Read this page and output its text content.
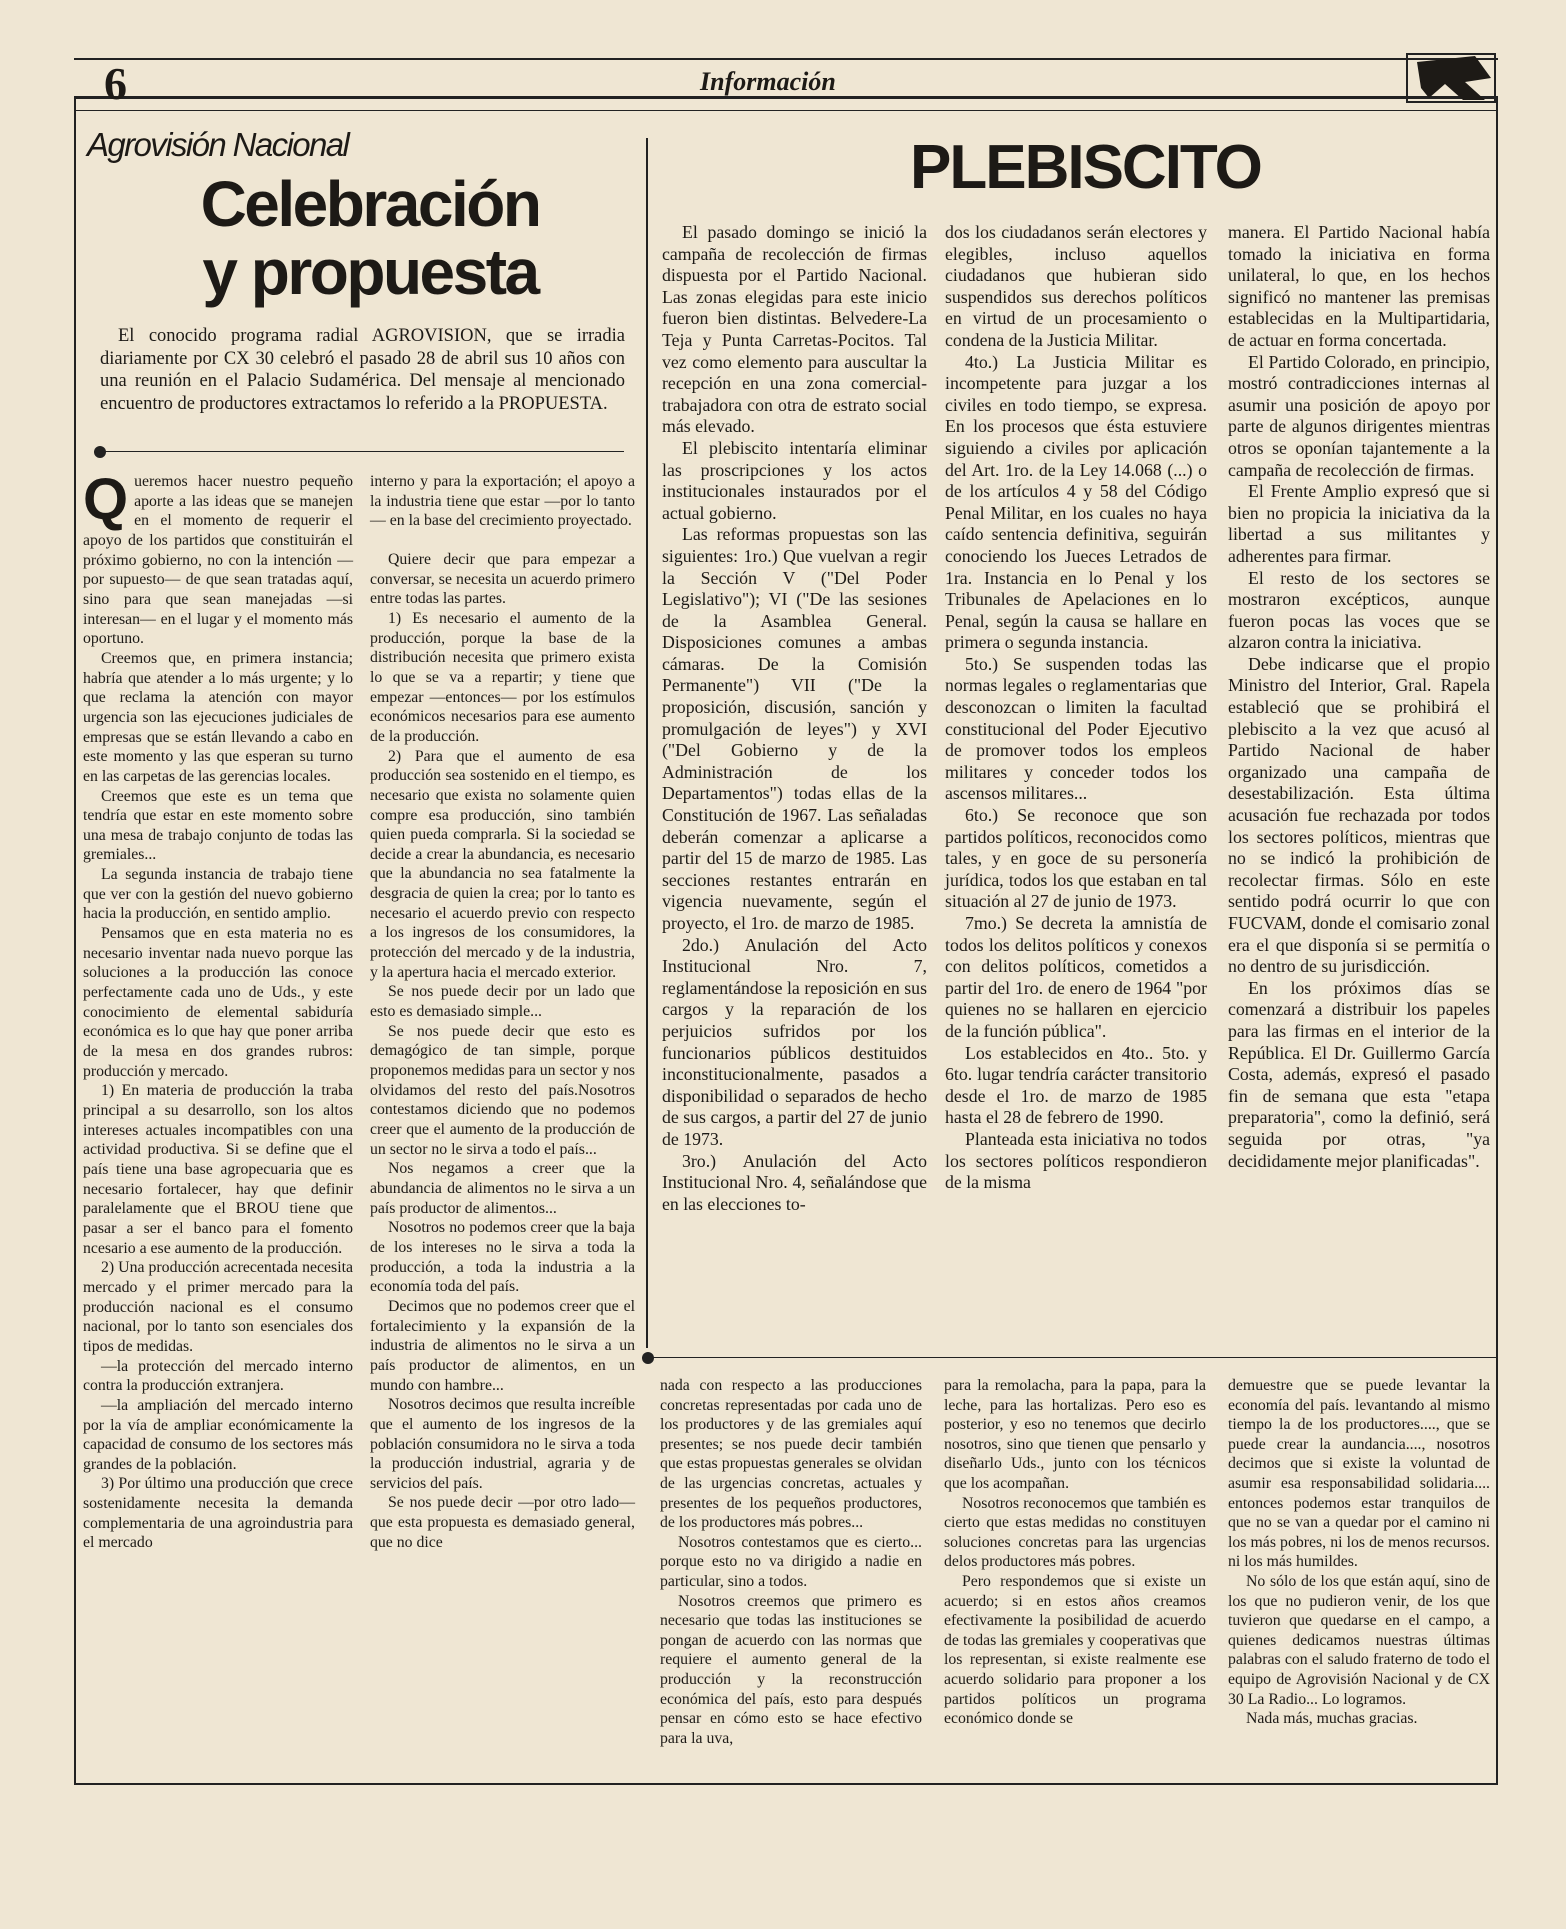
6	Información
Agrovisión Nacional
Celebración
y propuesta
El conocido programa radial AGROVISION, que se irradia diariamente por CX 30 celebró el pasado 28 de abril sus 10 años con una reunión en el Palacio Sudamérica. Del mensaje al mencionado encuentro de productores extractamos lo referido a la PROPUESTA.

Queremos hacer nuestro pequeño aporte a las ideas que se manejen en el momento de requerir el apoyo de los partidos que constituirán el próximo gobierno, no con la intención —por supuesto— de que sean tratadas aquí, sino para que sean manejadas —si interesan— en el lugar y el momento más oportuno.

Creemos que, en primera instancia; habría que atender a lo más urgente; y lo que reclama la atención con mayor urgencia son las ejecuciones judiciales de empresas que se están llevando a cabo en este momento y las que esperan su turno en las carpetas de las gerencias locales.

Creemos que este es un tema que tendría que estar en este momento sobre una mesa de trabajo conjunto de todas las gremiales...

La segunda instancia de trabajo tiene que ver con la gestión del nuevo gobierno hacia la producción, en sentido amplio.

Pensamos que en esta materia no es necesario inventar nada nuevo porque las soluciones a la producción las conoce perfectamente cada uno de Uds., y este conocimiento de elemental sabiduría económica es lo que hay que poner arriba de la mesa en dos grandes rubros: producción y mercado.

1) En materia de producción la traba principal a su desarrollo, son los altos intereses actuales incompatibles con una actividad productiva. Si se define que el país tiene una base agropecuaria que es necesario fortalecer, hay que definir paralelamente que el BROU tiene que pasar a ser el banco para el fomento ncesario a ese aumento de la producción.

2) Una producción acrecentada necesita mercado y el primer mercado para la producción nacional es el consumo nacional, por lo tanto son esenciales dos tipos de medidas.

—la protección del mercado interno contra la producción extranjera.

—la ampliación del mercado interno por la vía de ampliar económicamente la capacidad de consumo de los sectores más grandes de la población.

3) Por último una producción que crece sostenidamente necesita la demanda complementaria de una agroindustria para el mercado

interno y para la exportación; el apoyo a la industria tiene que estar —por lo tanto— en la base del crecimiento proyectado.

Quiere decir que para empezar a conversar, se necesita un acuerdo primero entre todas las partes.

1) Es necesario el aumento de la producción, porque la base de la distribución necesita que primero exista lo que se va a repartir; y tiene que empezar —entonces— por los estímulos económicos necesarios para ese aumento de la producción.

2) Para que el aumento de esa producción sea sostenido en el tiempo, es necesario que exista no solamente quien compre esa producción, sino también quien pueda comprarla. Si la sociedad se decide a crear la abundancia, es necesario que la abundancia no sea fatalmente la desgracia de quien la crea; por lo tanto es necesario el acuerdo previo con respecto a los ingresos de los consumidores, la protección del mercado y de la industria, y la apertura hacia el mercado exterior.

Se nos puede decir por un lado que esto es demasiado simple...

Se nos puede decir que esto es demagógico de tan simple, porque proponemos medidas para un sector y nos olvidamos del resto del país.Nosotros contestamos diciendo que no podemos creer que el aumento de la producción de un sector no le sirva a todo el país...

Nos negamos a creer que la abundancia de alimentos no le sirva a un país productor de alimentos...

Nosotros no podemos creer que la baja de los intereses no le sirva a toda la producción, a toda la industria a la economía toda del país.

Decimos que no podemos creer que el fortalecimiento y la expansión de la industria de alimentos no le sirva a un país productor de alimentos, en un mundo con hambre...

Nosotros decimos que resulta increíble que el aumento de los ingresos de la población consumidora no le sirva a toda la producción industrial, agraria y de servicios del país.

Se nos puede decir —por otro lado— que esta propuesta es demasiado general, que no dice

PLEBISCITO

El pasado domingo se inició la campaña de recolección de firmas dispuesta por el Partido Nacional. Las zonas elegidas para este inicio fueron bien distintas. Belvedere-La Teja y Punta Carretas-Pocitos. Tal vez como elemento para auscultar la recepción en una zona comercial-trabajadora con otra de estrato social más elevado.

El plebiscito intentaría eliminar las proscripciones y los actos institucionales instaurados por el actual gobierno.

Las reformas propuestas son las siguientes: 1ro.) Que vuelvan a regir la Sección V ("Del Poder Legislativo"); VI ("De las sesiones de la Asamblea General. Disposiciones comunes a ambas cámaras. De la Comisión Permanente") VII ("De la proposición, discusión, sanción y promulgación de leyes") y XVI ("Del Gobierno y de la Administración de los Departamentos") todas ellas de la Constitución de 1967. Las señaladas deberán comenzar a aplicarse a partir del 15 de marzo de 1985. Las secciones restantes entrarán en vigencia nuevamente, según el proyecto, el 1ro. de marzo de 1985.

2do.) Anulación del Acto Institucional Nro. 7, reglamentándose la reposición en sus cargos y la reparación de los perjuicios sufridos por los funcionarios públicos destituidos inconstitucionalmente, pasados a disponibilidad o separados de hecho de sus cargos, a partir del 27 de junio de 1973.

3ro.) Anulación del Acto Institucional Nro. 4, señalándose que en las elecciones to-

dos los ciudadanos serán electores y elegibles, incluso aquellos ciudadanos que hubieran sido suspendidos sus derechos políticos en virtud de un procesamiento o condena de la Justicia Militar.

4to.) La Justicia Militar es incompetente para juzgar a los civiles en todo tiempo, se expresa. En los procesos que ésta estuviere siguiendo a civiles por aplicación del Art. 1ro. de la Ley 14.068 (...) o de los artículos 4 y 58 del Código Penal Militar, en los cuales no haya caído sentencia definitiva, seguirán conociendo los Jueces Letrados de 1ra. Instancia en lo Penal y los Tribunales de Apelaciones en lo Penal, según la causa se hallare en primera o segunda instancia.

5to.) Se suspenden todas las normas legales o reglamentarias que desconozcan o limiten la facultad constitucional del Poder Ejecutivo de promover todos los empleos militares y conceder todos los ascensos militares...

6to.) Se reconoce que son partidos políticos, reconocidos como tales, y en goce de su personería jurídica, todos los que estaban en tal situación al 27 de junio de 1973.

7mo.) Se decreta la amnistía de todos los delitos políticos y conexos con delitos políticos, cometidos a partir del 1ro. de enero de 1964 "por quienes no se hallaren en ejercicio de la función pública".

Los establecidos en 4to.. 5to. y 6to. lugar tendría carácter transitorio desde el 1ro. de marzo de 1985 hasta el 28 de febrero de 1990.

Planteada esta iniciativa no todos los sectores políticos respondieron de la misma

manera. El Partido Nacional había tomado la iniciativa en forma unilateral, lo que, en los hechos significó no mantener las premisas establecidas en la Multipartidaria, de actuar en forma concertada.

El Partido Colorado, en principio, mostró contradicciones internas al asumir una posición de apoyo por parte de algunos dirigentes mientras otros se oponían tajantemente a la campaña de recolección de firmas.

El Frente Amplio expresó que si bien no propicia la iniciativa da la libertad a sus militantes y adherentes para firmar.

El resto de los sectores se mostraron excépticos, aunque fueron pocas las voces que se alzaron contra la iniciativa.

Debe indicarse que el propio Ministro del Interior, Gral. Rapela estableció que se prohibirá el plebiscito a la vez que acusó al Partido Nacional de haber organizado una campaña de desestabilización. Esta última acusación fue rechazada por todos los sectores políticos, mientras que no se indicó la prohibición de recolectar firmas. Sólo en este sentido podrá ocurrir lo que con FUCVAM, donde el comisario zonal era el que disponía si se permitía o no dentro de su jurisdicción.

En los próximos días se comenzará a distribuir los papeles para las firmas en el interior de la República. El Dr. Guillermo García Costa, además, expresó el pasado fin de semana que esta "etapa preparatoria", como la definió, será seguida por otras, "ya decididamente mejor planificadas".

nada con respecto a las producciones concretas representadas por cada uno de los productores y de las gremiales aquí presentes; se nos puede decir también que estas propuestas generales se olvidan de las urgencias concretas, actuales y presentes de los pequeños productores, de los productores más pobres...

Nosotros contestamos que es cierto... porque esto no va dirigido a nadie en particular, sino a todos.

Nosotros creemos que primero es necesario que todas las instituciones se pongan de acuerdo con las normas que requiere el aumento general de la producción y la reconstrucción económica del país, esto para después pensar en cómo esto se hace efectivo para la uva,

para la remolacha, para la papa, para la leche, para las hortalizas. Pero eso es posterior, y eso no tenemos que decirlo nosotros, sino que tienen que pensarlo y diseñarlo Uds., junto con los técnicos que los acompañan.

Nosotros reconocemos que también es cierto que estas medidas no constituyen soluciones concretas para las urgencias delos productores más pobres.

Pero respondemos que si existe un acuerdo; si en estos años creamos efectivamente la posibilidad de acuerdo de todas las gremiales y cooperativas que los representan, si existe realmente ese acuerdo solidario para proponer a los partidos políticos un programa económico donde se

demuestre que se puede levantar la economía del país. levantando al mismo tiempo la de los productores...., que se puede crear la aundancia...., nosotros decimos que si existe la voluntad de asumir esa responsabilidad solidaria.... entonces podemos estar tranquilos de que no se van a quedar por el camino ni los más pobres, ni los de menos recursos. ni los más humildes.

No sólo de los que están aquí, sino de los que no pudieron venir, de los que tuvieron que quedarse en el campo, a quienes dedicamos nuestras últimas palabras con el saludo fraterno de todo el equipo de Agrovisión Nacional y de CX 30 La Radio... Lo logramos.

Nada más, muchas gracias.
